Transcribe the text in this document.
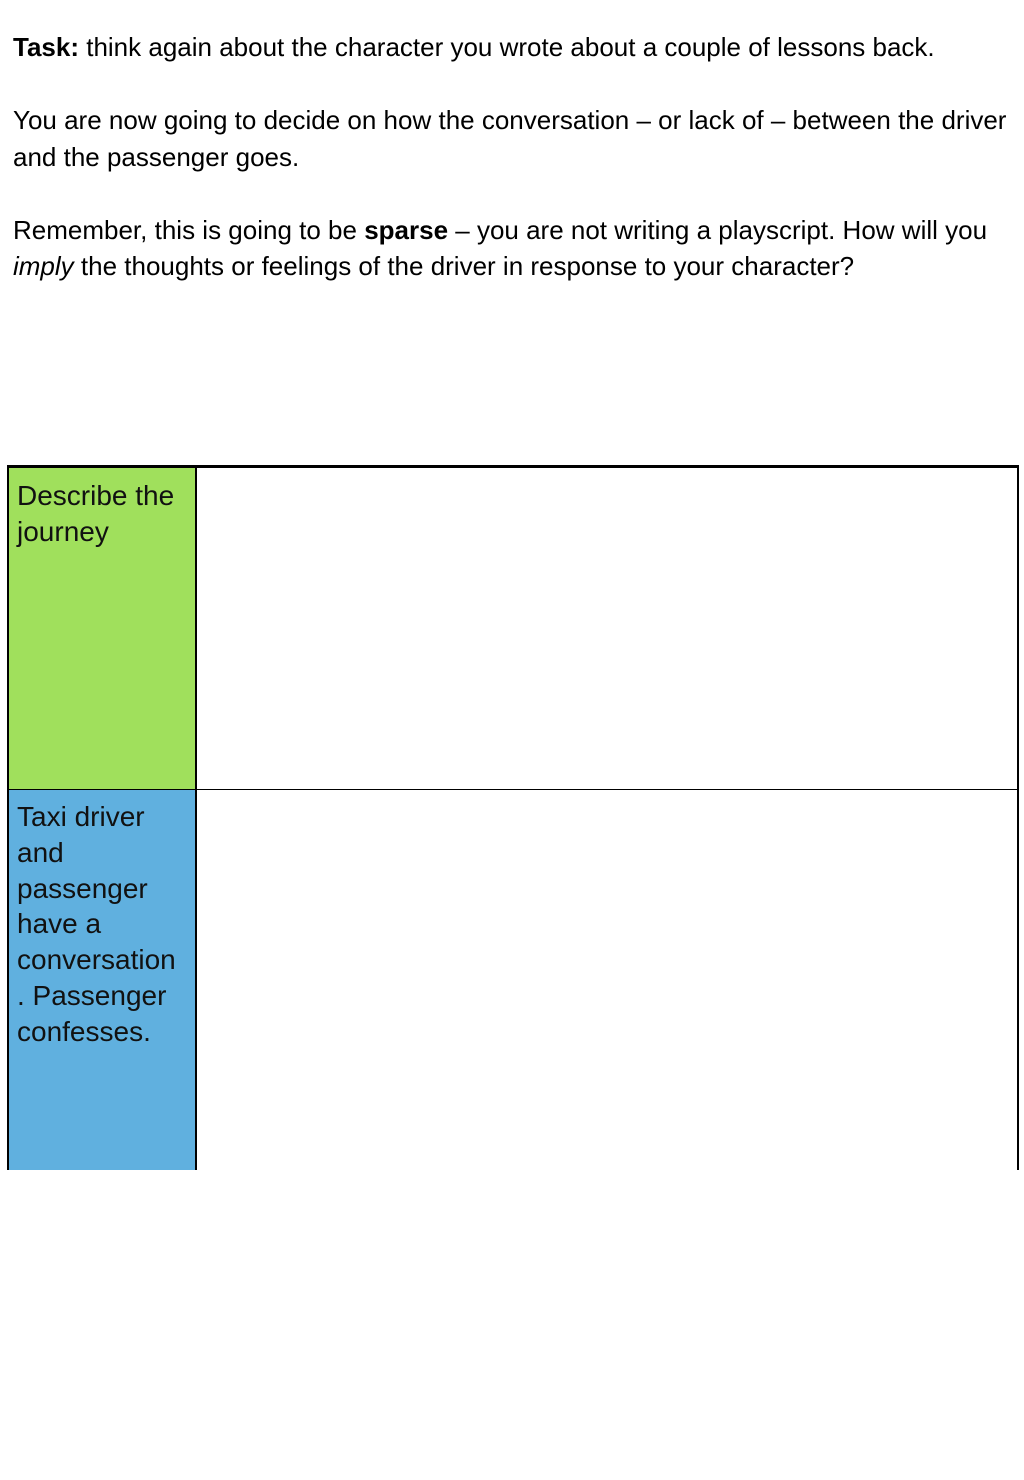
Task: think again about the character you wrote about a couple of lessons back.

You are now going to decide on how the conversation – or lack of – between the driver and the passenger goes.

Remember, this is going to be sparse – you are not writing a playscript. How will you imply the thoughts or feelings of the driver in response to your character?

Describe the
journey
Taxi driver
and
passenger
have a
conversation
. Passenger
confesses.
